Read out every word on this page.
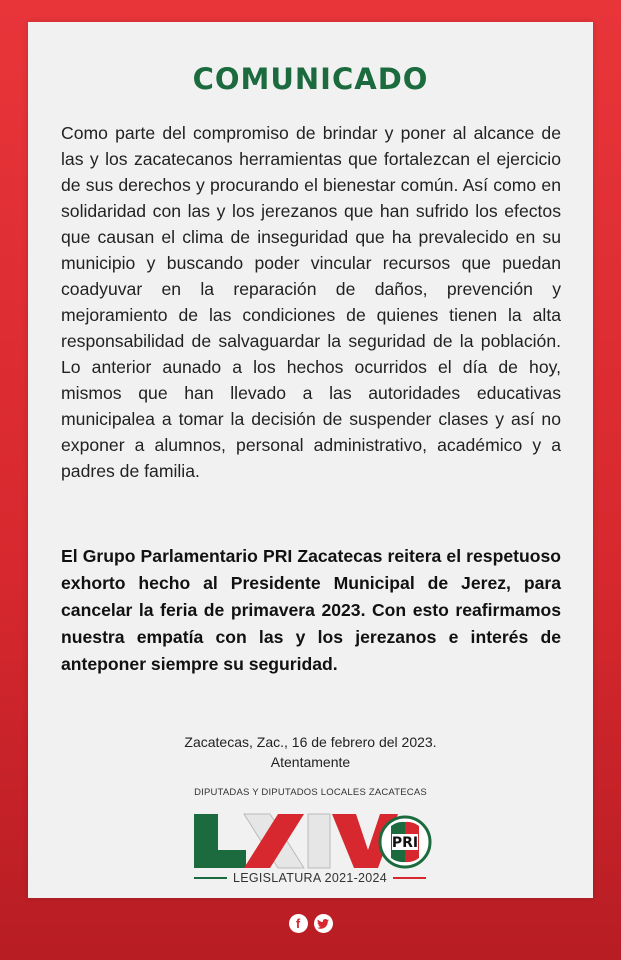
COMUNICADO

Como parte del compromiso de brindar y poner al alcance de las y los zacatecanos herramientas que fortalezcan el ejercicio de sus derechos y procurando el bienestar común. Así como en solidaridad con las y los jerezanos que han sufrido los efectos que causan el clima de inseguridad que ha prevalecido en su municipio y buscando poder vincular recursos que puedan coadyuvar en la reparación de daños, prevención y mejoramiento de las condiciones de quienes tienen la alta responsabilidad de salvaguardar la seguridad de la población. Lo anterior aunado a los hechos ocurridos el día de hoy, mismos que han llevado a las autoridades educativas municipalea a tomar la decisión de suspender clases y así no exponer a alumnos, personal administrativo, académico y a padres de familia.

El Grupo Parlamentario PRI Zacatecas reitera el respetuoso exhorto hecho al Presidente Municipal de Jerez, para cancelar la feria de primavera 2023. Con esto reafirmamos nuestra empatía con las y los jerezanos e interés de anteponer siempre su seguridad.

Zacatecas, Zac., 16 de febrero del 2023.
Atentamente
DIPUTADAS Y DIPUTADOS LOCALES ZACATECAS
PRI
LEGISLATURA 2021-2024
f
